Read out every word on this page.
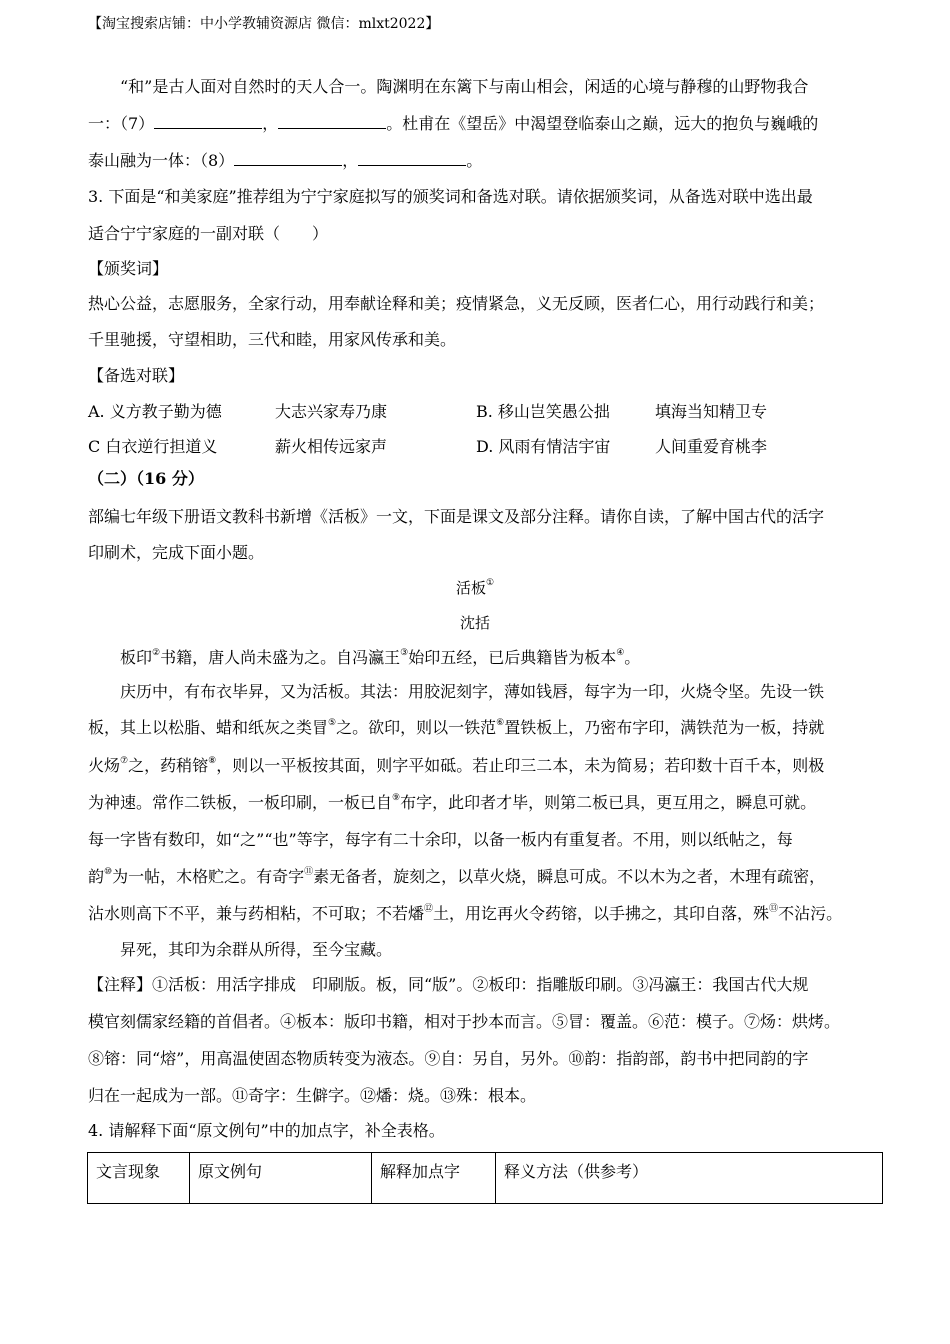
【淘宝搜索店铺：中小学教辅资源店 微信：mlxt2022】
“和”是古人面对自然时的天人合一。陶渊明在东篱下与南山相会，闲适的心境与静穆的山野物我合
一：（7）	，	。杜甫在《望岳》中渴望登临泰山之巅，远大的抱负与巍峨的
泰山融为一体：（8）	，	。
3. 下面是“和美家庭”推荐组为宁宁家庭拟写的颁奖词和备选对联。请依据颁奖词，从备选对联中选出最
适合宁宁家庭的一副对联（　　）
【颁奖词】
热心公益，志愿服务，全家行动，用奉献诠释和美；疫情紧急，义无反顾，医者仁心，用行动践行和美；
千里驰援，守望相助，三代和睦，用家风传承和美。
【备选对联】
A. 义方教子勤为德	大志兴家寿乃康	B. 移山岂笑愚公拙	填海当知精卫专
C 白衣逆行担道义	薪火相传远家声	D. 风雨有情洁宇宙	人间重爱育桃李
（二）（16 分）
部编七年级下册语文教科书新增《活板》一文，下面是课文及部分注释。请你自读，了解中国古代的活字
印刷术，完成下面小题。
活板①
沈括
板印②书籍，唐人尚未盛为之。自冯瀛王③始印五经，已后典籍皆为板本④。
庆历中，有布衣毕昇，又为活板。其法：用胶泥刻字，薄如钱唇，每字为一印，火烧令坚。先设一铁
板，其上以松脂、蜡和纸灰之类冒⑤之。欲印，则以一铁范⑥置铁板上，乃密布字印，满铁范为一板，持就
火炀⑦之，药稍镕⑧，则以一平板按其面，则字平如砥。若止印三二本，未为简易；若印数十百千本，则极
为神速。常作二铁板，一板印刷，一板已自⑨布字，此印者才毕，则第二板已具，更互用之，瞬息可就。
每一字皆有数印，如“之”“也”等字，每字有二十余印，以备一板内有重复者。不用，则以纸帖之，每
韵⑩为一帖，木格贮之。有奇字⑪素无备者，旋刻之，以草火烧，瞬息可成。不以木为之者，木理有疏密，
沾水则高下不平，兼与药相粘，不可取；不若燔⑫土，用讫再火令药镕，以手拂之，其印自落，殊⑬不沾污。
昇死，其印为余群从所得，至今宝藏。
【注释】①活板：用活字排成　印刷版。板，同“版”。②板印：指雕版印刷。③冯瀛王：我国古代大规
模官刻儒家经籍的首倡者。④板本：版印书籍，相对于抄本而言。⑤冒：覆盖。⑥范：模子。⑦炀：烘烤。
⑧镕：同“熔”，用高温使固态物质转变为液态。⑨自：另自，另外。⑩韵：指韵部，韵书中把同韵的字
归在一起成为一部。⑪奇字：生僻字。⑫燔：烧。⑬殊：根本。
4. 请解释下面“原文例句”中的加点字，补全表格。
文言现象	原文例句	解释加点字	释义方法（供参考）
